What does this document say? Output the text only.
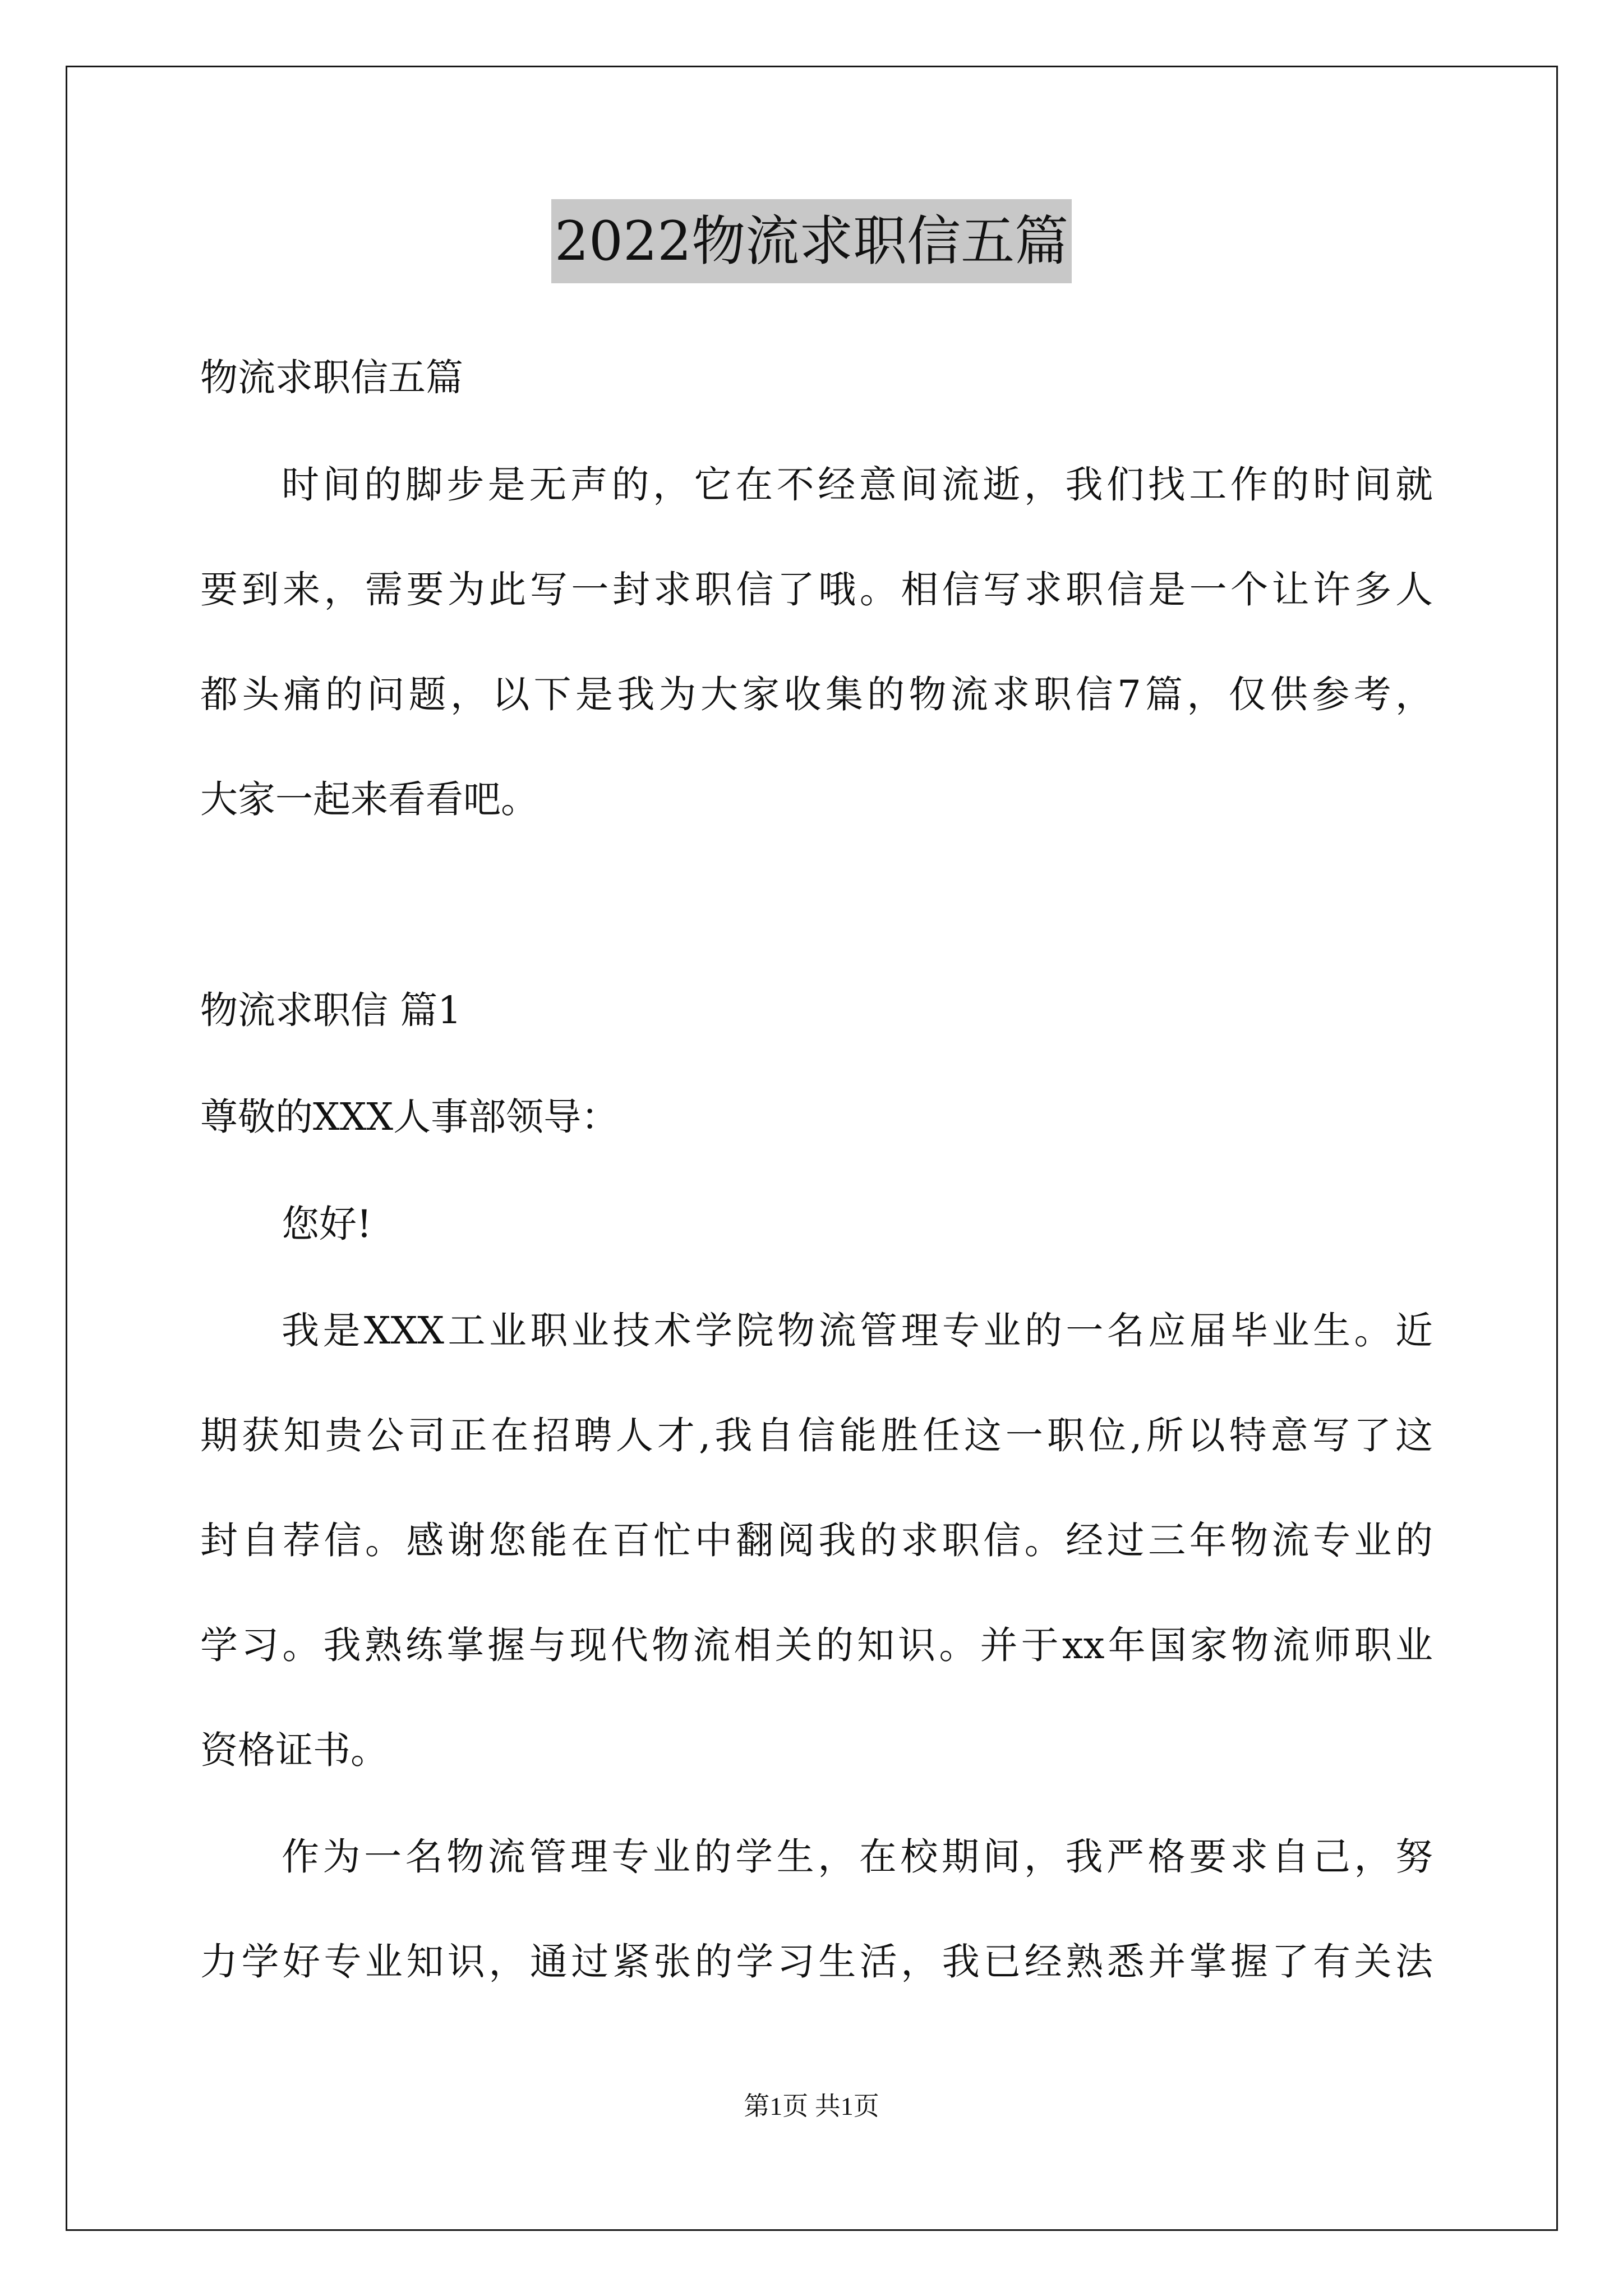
2022物流求职信五篇
物流求职信五篇
时间的脚步是无声的，它在不经意间流逝，我们找工作的时间就
要到来，需要为此写一封求职信了哦。相信写求职信是一个让许多人
都头痛的问题，以下是我为大家收集的物流求职信7篇，仅供参考，
大家一起来看看吧。
物流求职信 篇1
尊敬的XXX人事部领导：
您好!
我是XXX工业职业技术学院物流管理专业的一名应届毕业生。近
期获知贵公司正在招聘人才,我自信能胜任这一职位,所以特意写了这
封自荐信。感谢您能在百忙中翻阅我的求职信。经过三年物流专业的
学习。我熟练掌握与现代物流相关的知识。并于xx年国家物流师职业
资格证书。
作为一名物流管理专业的学生，在校期间，我严格要求自己，努
力学好专业知识，通过紧张的学习生活，我已经熟悉并掌握了有关法
第1页 共1页
